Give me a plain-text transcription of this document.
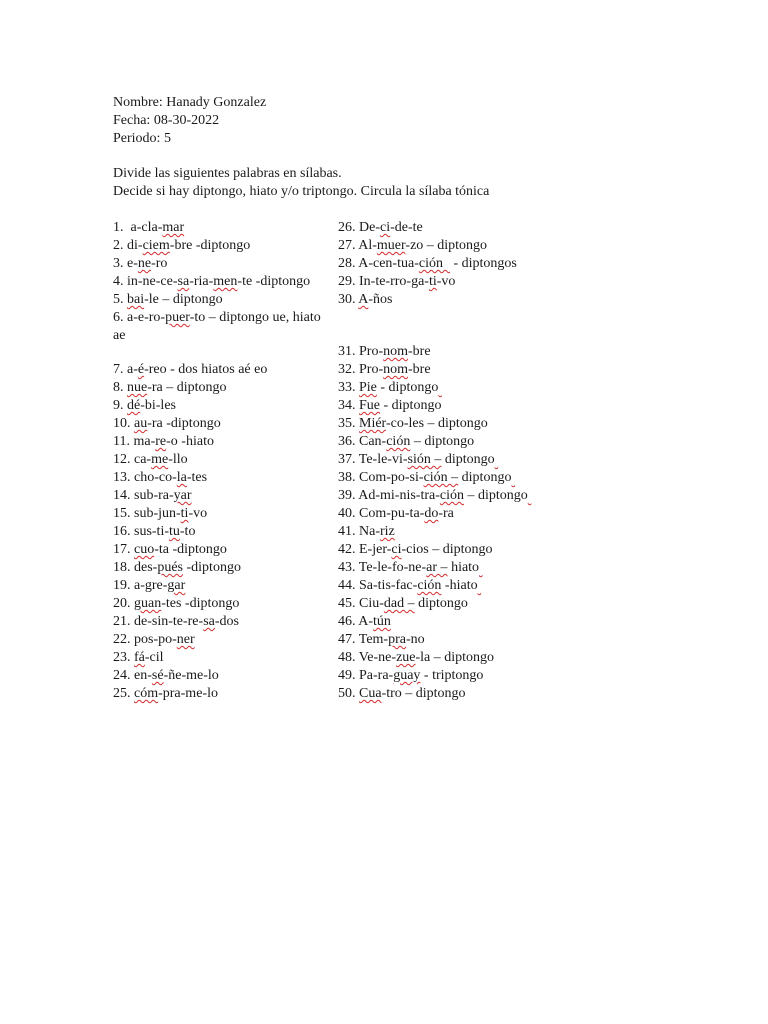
Nombre: Hanady Gonzalez
Fecha: 08-30-2022
Periodo: 5
Divide las siguientes palabras en sílabas.
Decide si hay diptongo, hiato y/o triptongo. Circula la sílaba tónica
1.  a-cla-mar
2. di-ciem-bre -diptongo
3. e-ne-ro
4. in-ne-ce-sa-ria-men-te -diptongo
5. bai-le – diptongo
6. a-e-ro-puer-to – diptongo ue, hiato ae
7. a-é-reo - dos hiatos aé eo
8. nue-ra – diptongo
9. dé-bi-les
10. au-ra -diptongo
11. ma-re-o -hiato
12. ca-me-llo
13. cho-co-la-tes
14. sub-ra-yar
15. sub-jun-ti-vo
16. sus-ti-tu-to
17. cuo-ta -diptongo
18. des-pués -diptongo
19. a-gre-gar
20. guan-tes -diptongo
21. de-sin-te-re-sa-dos
22. pos-po-ner
23. fá-cil
24. en-sé-ñe-me-lo
25. cóm-pra-me-lo
26. De-ci-de-te
27. Al-muer-zo – diptongo
28. A-cen-tua-ción   - diptongos
29. In-te-rro-ga-ti-vo
30. A-ños
31. Pro-nom-bre
32. Pro-nom-bre
33. Pie - diptongo
34. Fue - diptongo
35. Miér-co-les – diptongo
36. Can-ción – diptongo
37. Te-le-vi-sión – diptongo
38. Com-po-si-ción – diptongo
39. Ad-mi-nis-tra-ción – diptongo
40. Com-pu-ta-do-ra
41. Na-riz
42. E-jer-ci-cios – diptongo
43. Te-le-fo-ne-ar – hiato
44. Sa-tis-fac-ción -hiato
45. Ciu-dad – diptongo
46. A-tún
47. Tem-pra-no
48. Ve-ne-zue-la – diptongo
49. Pa-ra-guay - triptongo
50. Cua-tro – diptongo
